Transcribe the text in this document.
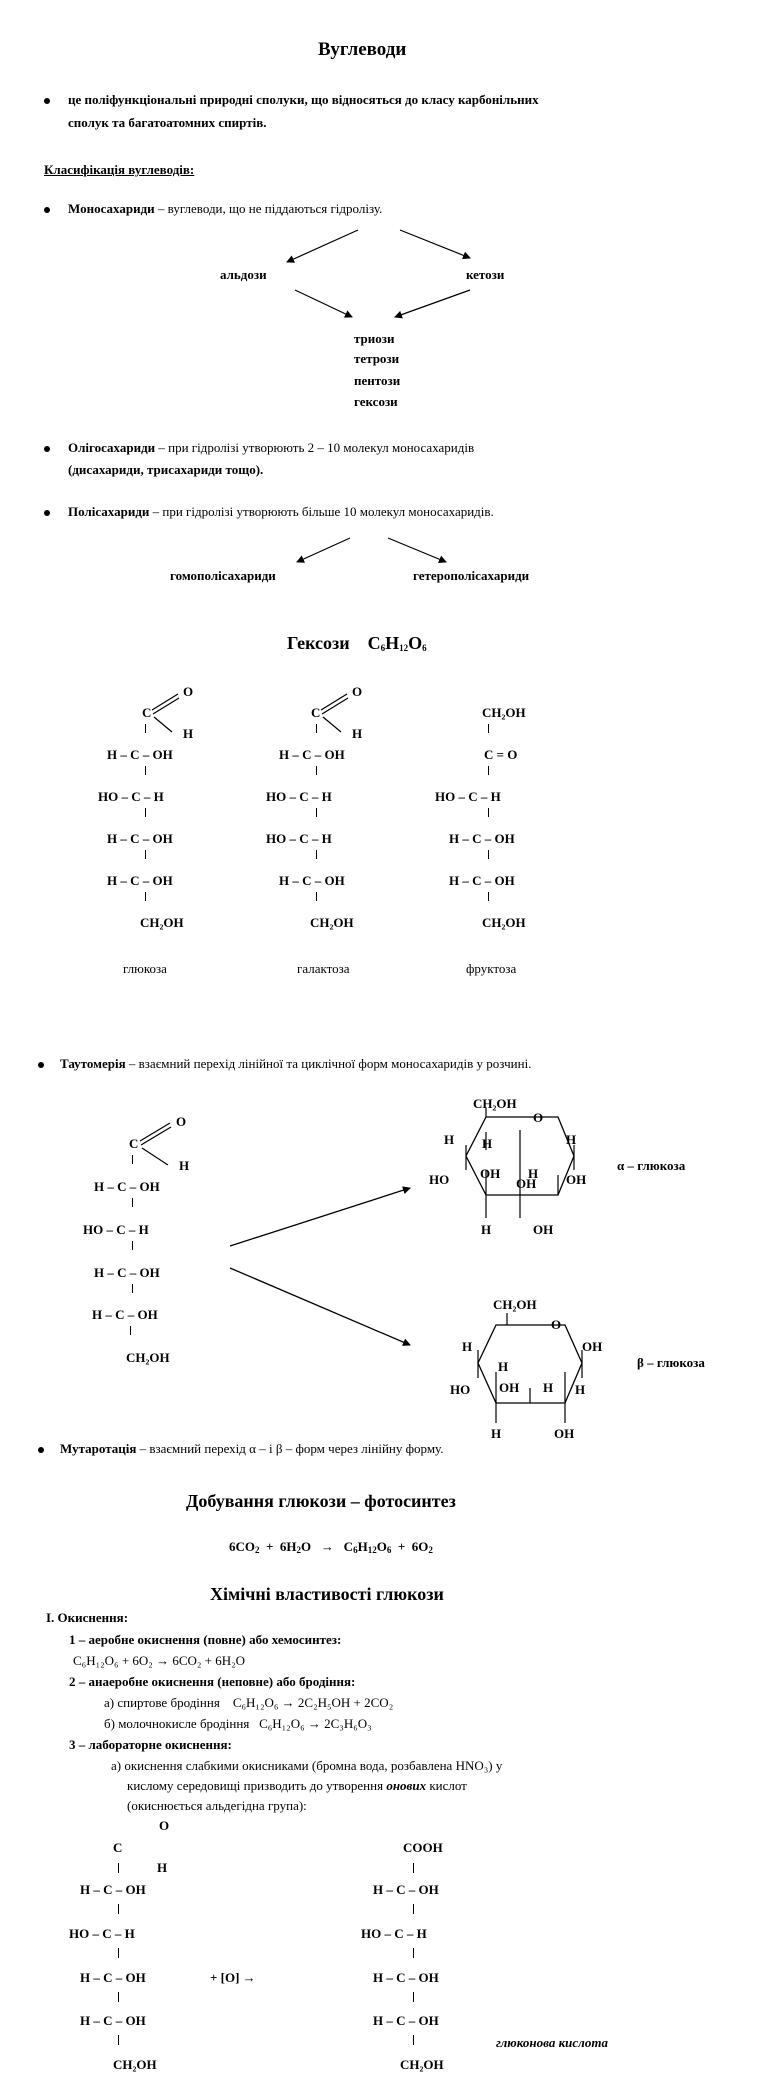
Вуглеводи
це поліфункціональні природні сполуки, що відносяться до класу карбонільних
сполук та багатоатомних спиртів.
Класифікація вуглеводів:
Моносахариди – вуглеводи, що не піддаються гідролізу.
альдози	кетози
триози
тетрози
пентози
гексози
Олігосахариди – при гідролізі утворюють 2 – 10 молекул моносахаридів
(дисахариди, трисахариди тощо).
Полісахариди – при гідролізі утворюють більше 10 молекул моносахаридів.
гомополісахариди	гетерополісахариди
Гексози $C_6H_{12}O_6$
O
C
H
H – C – OH
HO – C – H
H – C – OH
H – C – OH
CH₂OH
глюкоза
O
C
H
H – C – OH
HO – C – H
HO – C – H
H – C – OH
CH₂OH
галактоза
CH₂OH
C = O
HO – C – H
H – C – OH
H – C – OH
CH₂OH
фруктоза
Таутомерія – взаємний перехід лінійної та циклічної форм моносахаридів у розчині.
O
C
H
H – C – OH
HO – C – H
H – C – OH
H – C – OH
CH₂OH
CH₂OH
O
H H	H
OH H OH
HO	OH
H	OH
α – глюкоза
CH₂OH
O
H	OH
H
OH H
HO	H
H	OH
β – глюкоза
Мутаротація – взаємний перехід α – і β – форм через лінійну форму.
Добування глюкози – фотосинтез
$6CO_2 + 6H_2O \to C_6H_{12}O_6 + 6O_2$
Хімічні властивості глюкози
I. Окиснення:
1 – аеробне окиснення (повне) або хемосинтез:
C₆H₁₂O₆ + 6O₂ → 6CO₂ + 6H₂O
2 – анаеробне окиснення (неповне) або бродіння:
а) спиртове бродіння C₆H₁₂O₆ → 2C₂H₅OH + 2CO₂
б) молочнокисле бродіння C₆H₁₂O₆ → 2C₃H₆O₃
3 – лабораторне окиснення:
а) окиснення слабкими окисниками (бромна вода, розбавлена HNO₃) у
кислому середовищі призводить до утворення онових кислот
(окиснюється альдегідна група):
O
C
H
H – C – OH
HO – C – H
H – C – OH
H – C – OH
CH₂OH
+ [O] →
COOH
H – C – OH
HO – C – H
H – C – OH
H – C – OH
CH₂OH
глюконова кислота
